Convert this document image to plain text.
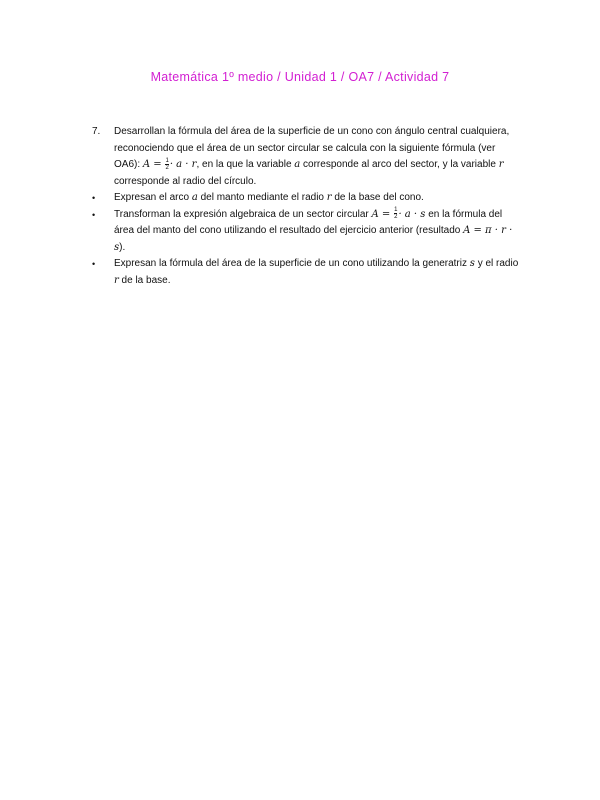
Matemática 1º medio / Unidad 1 / OA7 / Actividad 7
7.	Desarrollan la fórmula del área de la superficie de un cono con ángulo central cualquiera, reconociendo que el área de un sector circular se calcula con la siguiente fórmula (ver OA6): $A = \frac{1}{2} \cdot a \cdot r$, en la que la variable a corresponde al arco del sector, y la variable r corresponde al radio del círculo.
•	Expresan el arco a del manto mediante el radio r de la base del cono.
•	Transforman la expresión algebraica de un sector circular $A = \frac{1}{2} \cdot a \cdot s$ en la fórmula del área del manto del cono utilizando el resultado del ejercicio anterior (resultado A = π · r · s).
•	Expresan la fórmula del área de la superficie de un cono utilizando la generatriz s y el radio r de la base.
